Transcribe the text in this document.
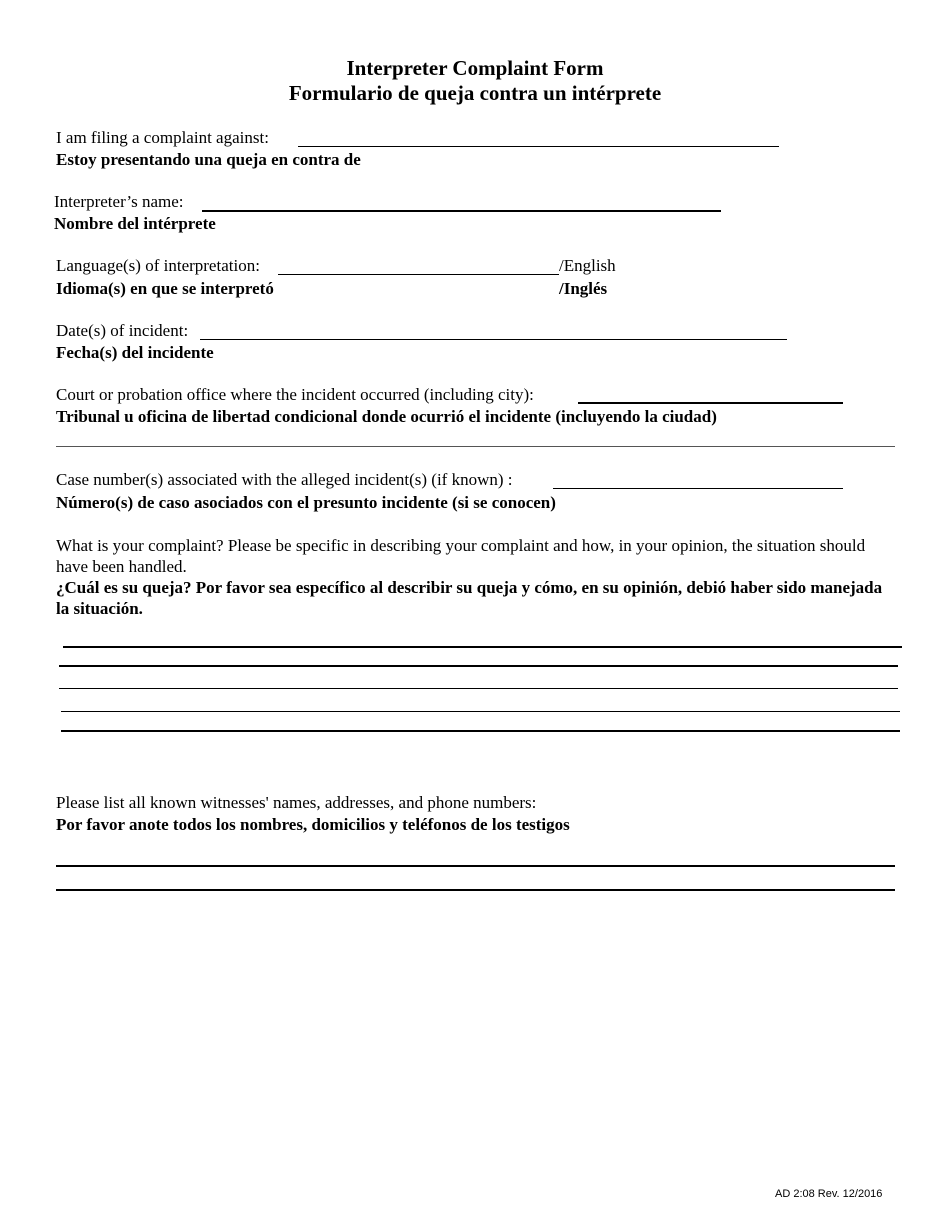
Interpreter Complaint Form
Formulario de queja contra un intérprete
I am filing a complaint against:
Estoy presentando una queja en contra de
Interpreter’s name:
Nombre del intérprete
Language(s) of interpretation:	/English
Idioma(s) en que se interpretó	/Inglés
Date(s) of incident:
Fecha(s) del incidente
Court or probation office where the incident occurred (including city):
Tribunal u oficina de libertad condicional donde ocurrió el incidente (incluyendo la ciudad)
Case number(s) associated with the alleged incident(s) (if known) :
Número(s) de caso asociados con el presunto incidente (si se conocen)
What is your complaint? Please be specific in describing your complaint and how, in your opinion, the situation should have been handled.
¿Cuál es su queja? Por favor sea específico al describir su queja y cómo, en su opinión, debió haber sido manejada la situación.
Please list all known witnesses' names, addresses, and phone numbers:
Por favor anote todos los nombres, domicilios y teléfonos de los testigos
AD 2:08 Rev. 12/2016
